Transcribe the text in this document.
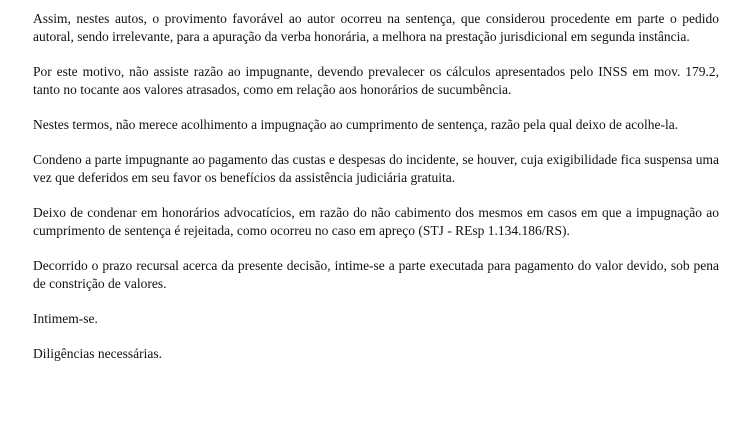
Assim, nestes autos, o provimento favorável ao autor ocorreu na sentença, que considerou procedente em parte o pedido autoral, sendo irrelevante, para a apuração da verba honorária, a melhora na prestação jurisdicional em segunda instância.

Por este motivo, não assiste razão ao impugnante, devendo prevalecer os cálculos apresentados pelo INSS em mov. 179.2, tanto no tocante aos valores atrasados, como em relação aos honorários de sucumbência.

Nestes termos, não merece acolhimento a impugnação ao cumprimento de sentença, razão pela qual deixo de acolhe-la.

Condeno a parte impugnante ao pagamento das custas e despesas do incidente, se houver, cuja exigibilidade fica suspensa uma vez que deferidos em seu favor os benefícios da assistência judiciária gratuita.

Deixo de condenar em honorários advocatícios, em razão do não cabimento dos mesmos em casos em que a impugnação ao cumprimento de sentença é rejeitada, como ocorreu no caso em apreço (STJ - REsp 1.134.186/RS).

Decorrido o prazo recursal acerca da presente decisão, intime-se a parte executada para pagamento do valor devido, sob pena de constrição de valores.

Intimem-se.

Diligências necessárias.
